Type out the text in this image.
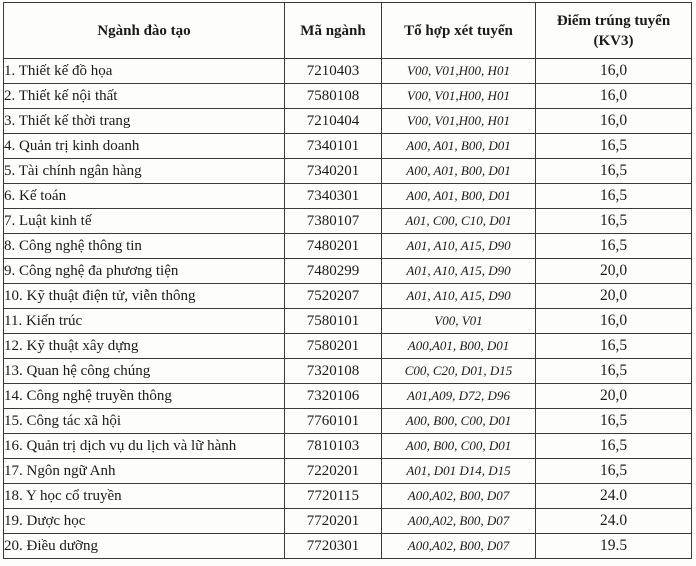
Ngành đào tạo	Mã ngành	Tổ hợp xét tuyển	Điểm trúng tuyển
(KV3)
1. Thiết kế đồ họa	7210403	V00, V01,H00, H01	16,0
2. Thiết kế nội thất	7580108	V00, V01,H00, H01	16,0
3. Thiết kế thời trang	7210404	V00, V01,H00, H01	16,0
4. Quản trị kinh doanh	7340101	A00, A01, B00, D01	16,5
5. Tài chính ngân hàng	7340201	A00, A01, B00, D01	16,5
6. Kế toán	7340301	A00, A01, B00, D01	16,5
7. Luật kinh tế	7380107	A01, C00, C10, D01	16,5
8. Công nghệ thông tin	7480201	A01, A10, A15, D90	16,5
9. Công nghệ đa phương tiện	7480299	A01, A10, A15, D90	20,0
10. Kỹ thuật điện tử, viễn thông	7520207	A01, A10, A15, D90	20,0
11. Kiến trúc	7580101	V00, V01	16,0
12. Kỹ thuật xây dựng	7580201	A00,A01, B00, D01	16,5
13. Quan hệ công chúng	7320108	C00, C20, D01, D15	16,5
14. Công nghệ truyền thông	7320106	A01,A09, D72, D96	20,0
15. Công tác xã hội	7760101	A00, B00, C00, D01	16,5
16. Quản trị dịch vụ du lịch và lữ hành	7810103	A00, B00, C00, D01	16,5
17. Ngôn ngữ Anh	7220201	A01, D01 D14, D15	16,5
18. Y học cổ truyền	7720115	A00,A02, B00, D07	24.0
19. Dược học	7720201	A00,A02, B00, D07	24.0
20. Điều dưỡng	7720301	A00,A02, B00, D07	19.5
